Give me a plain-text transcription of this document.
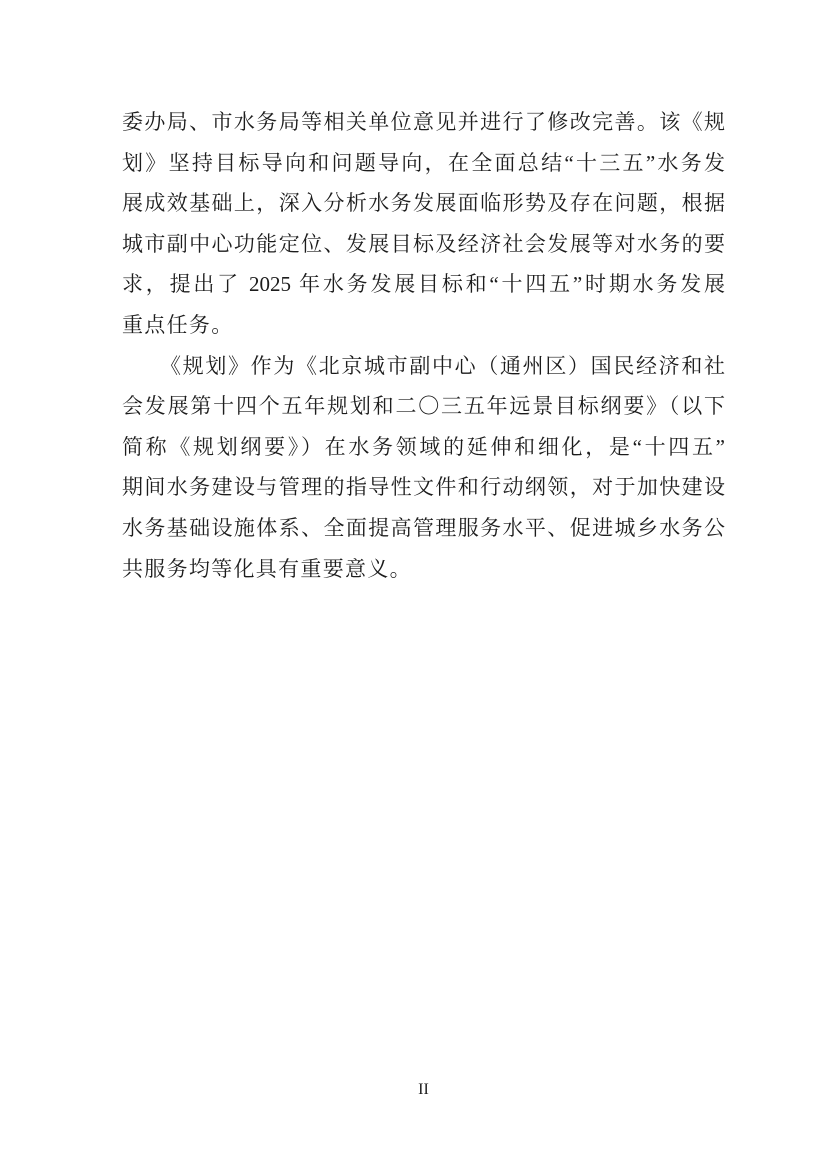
委办局、市水务局等相关单位意见并进行了修改完善。该《规
划》坚持目标导向和问题导向，在全面总结“十三五”水务发
展成效基础上，深入分析水务发展面临形势及存在问题，根据
城市副中心功能定位、发展目标及经济社会发展等对水务的要
求，提出了 2025 年水务发展目标和“十四五”时期水务发展
重点任务。
《规划》作为《北京城市副中心（通州区）国民经济和社
会发展第十四个五年规划和二〇三五年远景目标纲要》（以下
简称《规划纲要》）在水务领域的延伸和细化，是“十四五”
期间水务建设与管理的指导性文件和行动纲领，对于加快建设
水务基础设施体系、全面提高管理服务水平、促进城乡水务公
共服务均等化具有重要意义。
II
